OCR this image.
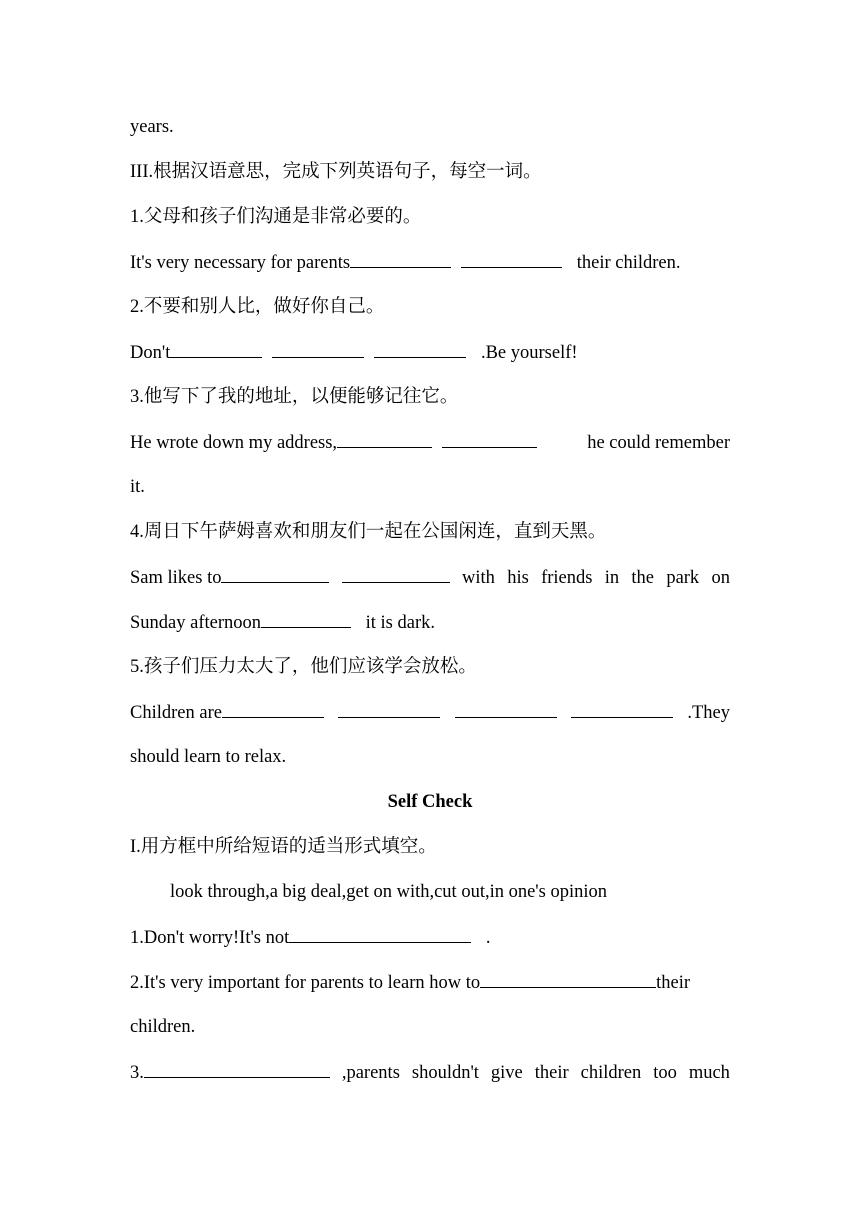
years.
III.根据汉语意思，完成下列英语句子，每空一词。
1.父母和孩子们沟通是非常必要的。
It's very necessary for parents	their children.
2.不要和别人比，做好你自己。
Don't	.Be yourself!
3.他写下了我的地址，以便能够记往它。
He wrote down my address,	he could remember
it.
4.周日下午萨姆喜欢和朋友们一起在公国闲连，直到天黑。
Sam likes to	with his friends in the park on
Sunday afternoon	it is dark.
5.孩子们压力太大了，他们应该学会放松。
Children are	.They
should learn to relax.
Self Check
I.用方框中所给短语的适当形式填空。
look through,a big deal,get on with,cut out,in one's opinion
1.Don't worry!It's not	.
2.It's very important for parents to learn how to	their
children.
3.	,parents shouldn't give their children too much
